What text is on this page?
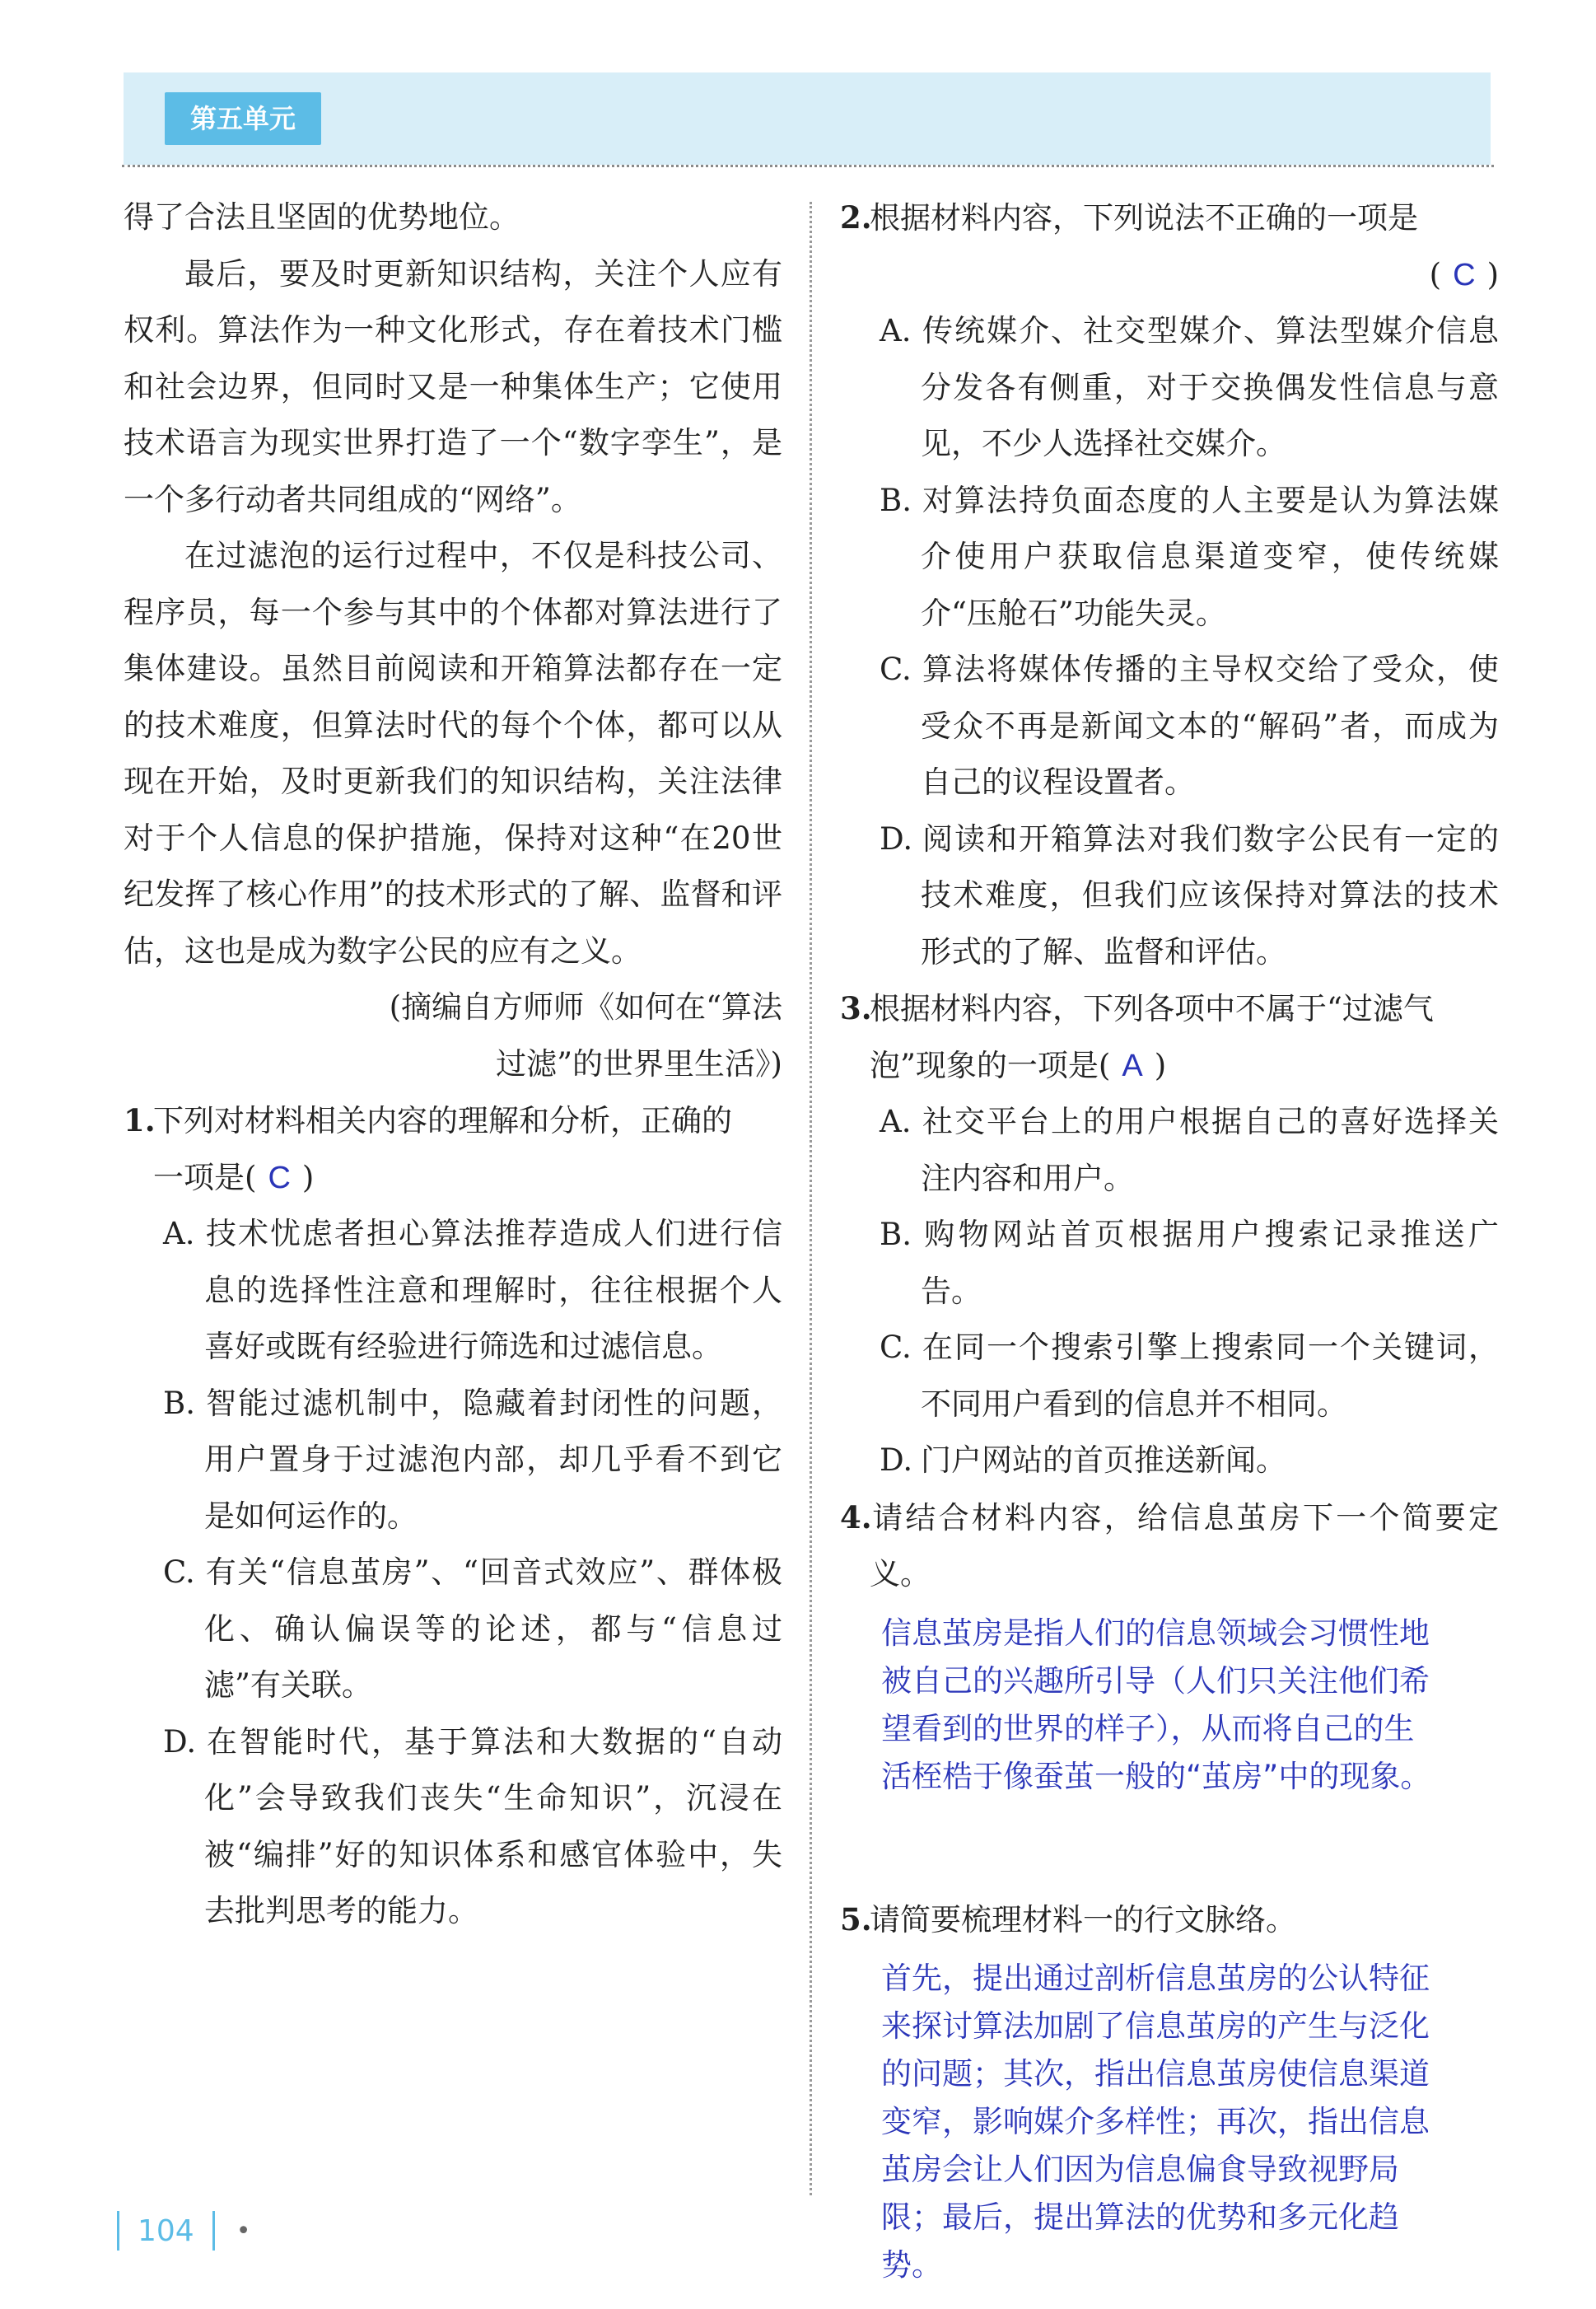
第五单元

得了合法且坚固的优势地位。

最后，要及时更新知识结构，关注个人应有权利。算法作为一种文化形式，存在着技术门槛和社会边界，但同时又是一种集体生产；它使用技术语言为现实世界打造了一个“数字孪生”，是一个多行动者共同组成的“网络”。

在过滤泡的运行过程中，不仅是科技公司、程序员，每一个参与其中的个体都对算法进行了集体建设。虽然目前阅读和开箱算法都存在一定的技术难度，但算法时代的每个个体，都可以从现在开始，及时更新我们的知识结构，关注法律对于个人信息的保护措施，保持对这种“在20世纪发挥了核心作用”的技术形式的了解、监督和评估，这也是成为数字公民的应有之义。

(摘编自方师师《如何在“算法

过滤”的世界里生活》)

1.下列对材料相关内容的理解和分析，正确的

一项是( C )

A. 技术忧虑者担心算法推荐造成人们进行信息的选择性注意和理解时，往往根据个人喜好或既有经验进行筛选和过滤信息。

B. 智能过滤机制中，隐藏着封闭性的问题，用户置身于过滤泡内部，却几乎看不到它是如何运作的。

C. 有关“信息茧房”、“回音式效应”、群体极化、确认偏误等的论述，都与“信息过滤”有关联。

D. 在智能时代，基于算法和大数据的“自动化”会导致我们丧失“生命知识”，沉浸在被“编排”好的知识体系和感官体验中，失去批判思考的能力。

2.根据材料内容，下列说法不正确的一项是

( C )

A. 传统媒介、社交型媒介、算法型媒介信息分发各有侧重，对于交换偶发性信息与意见，不少人选择社交媒介。

B. 对算法持负面态度的人主要是认为算法媒介使用户获取信息渠道变窄，使传统媒介“压舱石”功能失灵。

C. 算法将媒体传播的主导权交给了受众，使受众不再是新闻文本的“解码”者，而成为自己的议程设置者。

D. 阅读和开箱算法对我们数字公民有一定的技术难度，但我们应该保持对算法的技术形式的了解、监督和评估。

3.根据材料内容，下列各项中不属于“过滤气

泡”现象的一项是( A )

A. 社交平台上的用户根据自己的喜好选择关注内容和用户。

B. 购物网站首页根据用户搜索记录推送广告。

C. 在同一个搜索引擎上搜索同一个关键词，不同用户看到的信息并不相同。

D. 门户网站的首页推送新闻。

4.请结合材料内容，给信息茧房下一个简要定义。

信息茧房是指人们的信息领域会习惯性地
被自己的兴趣所引导（人们只关注他们希
望看到的世界的样子），从而将自己的生
活桎梏于像蚕茧一般的“茧房”中的现象。

5.请简要梳理材料一的行文脉络。

首先，提出通过剖析信息茧房的公认特征
来探讨算法加剧了信息茧房的产生与泛化
的问题；其次，指出信息茧房使信息渠道
变窄，影响媒介多样性；再次，指出信息
茧房会让人们因为信息偏食导致视野局
限；最后，提出算法的优势和多元化趋
势。
104	•
